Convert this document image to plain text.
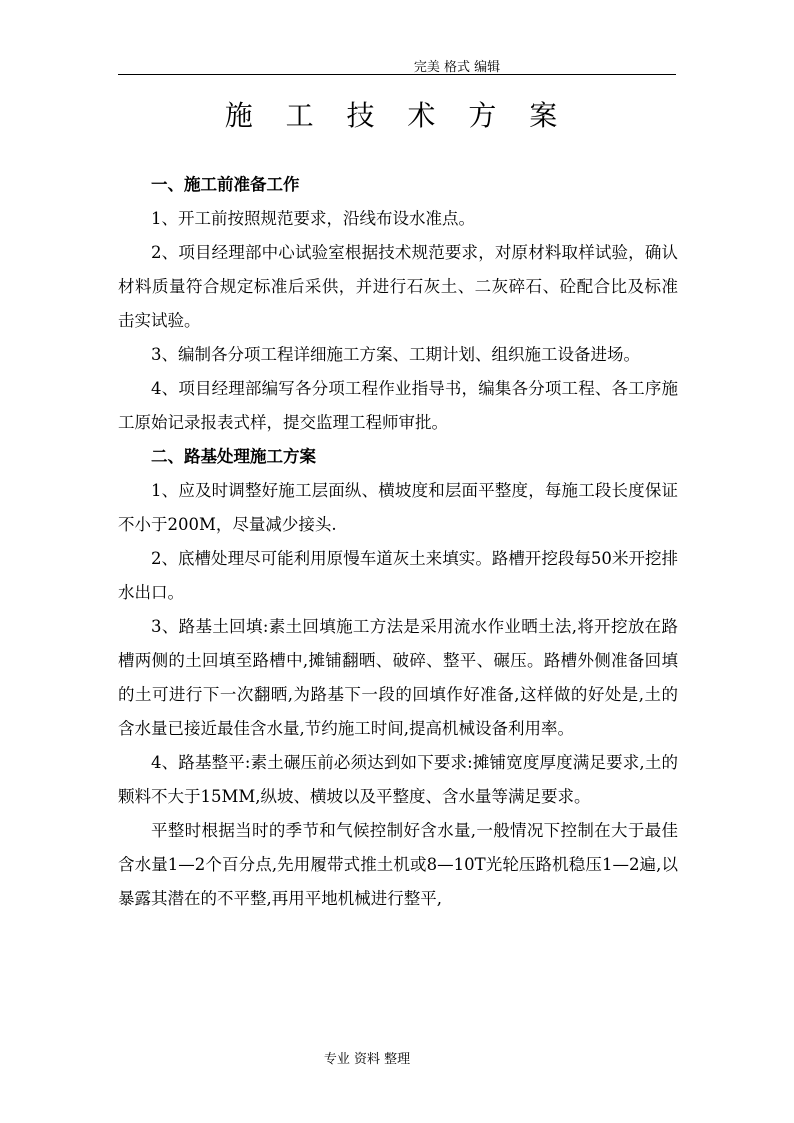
完美 格式 编辑
施 工 技 术 方 案

一、施工前准备工作

1、开工前按照规范要求，沿线布设水准点。

2、项目经理部中心试验室根据技术规范要求，对原材料取样试验，确认材料质量符合规定标准后采供，并进行石灰土、二灰碎石、砼配合比及标准击实试验。

3、编制各分项工程详细施工方案、工期计划、组织施工设备进场。

4、项目经理部编写各分项工程作业指导书，编集各分项工程、各工序施工原始记录报表式样，提交监理工程师审批。

二、路基处理施工方案

1、应及时调整好施工层面纵、横坡度和层面平整度，每施工段长度保证不小于200M，尽量减少接头.

2、底槽处理尽可能利用原慢车道灰土来填实。路槽开挖段每50米开挖排水出口。

3、路基土回填:素土回填施工方法是采用流水作业晒土法,将开挖放在路槽两侧的土回填至路槽中,摊铺翻晒、破碎、整平、碾压。路槽外侧准备回填的土可进行下一次翻晒,为路基下一段的回填作好准备,这样做的好处是,土的含水量已接近最佳含水量,节约施工时间,提高机械设备利用率。

4、路基整平:素土碾压前必须达到如下要求:摊铺宽度厚度满足要求,土的颗料不大于15MM,纵坡、横坡以及平整度、含水量等满足要求。

平整时根据当时的季节和气候控制好含水量,一般情况下控制在大于最佳含水量1—2个百分点,先用履带式推土机或8—10T光轮压路机稳压1—2遍,以暴露其潜在的不平整,再用平地机械进行整平,

专业 资料 整理
